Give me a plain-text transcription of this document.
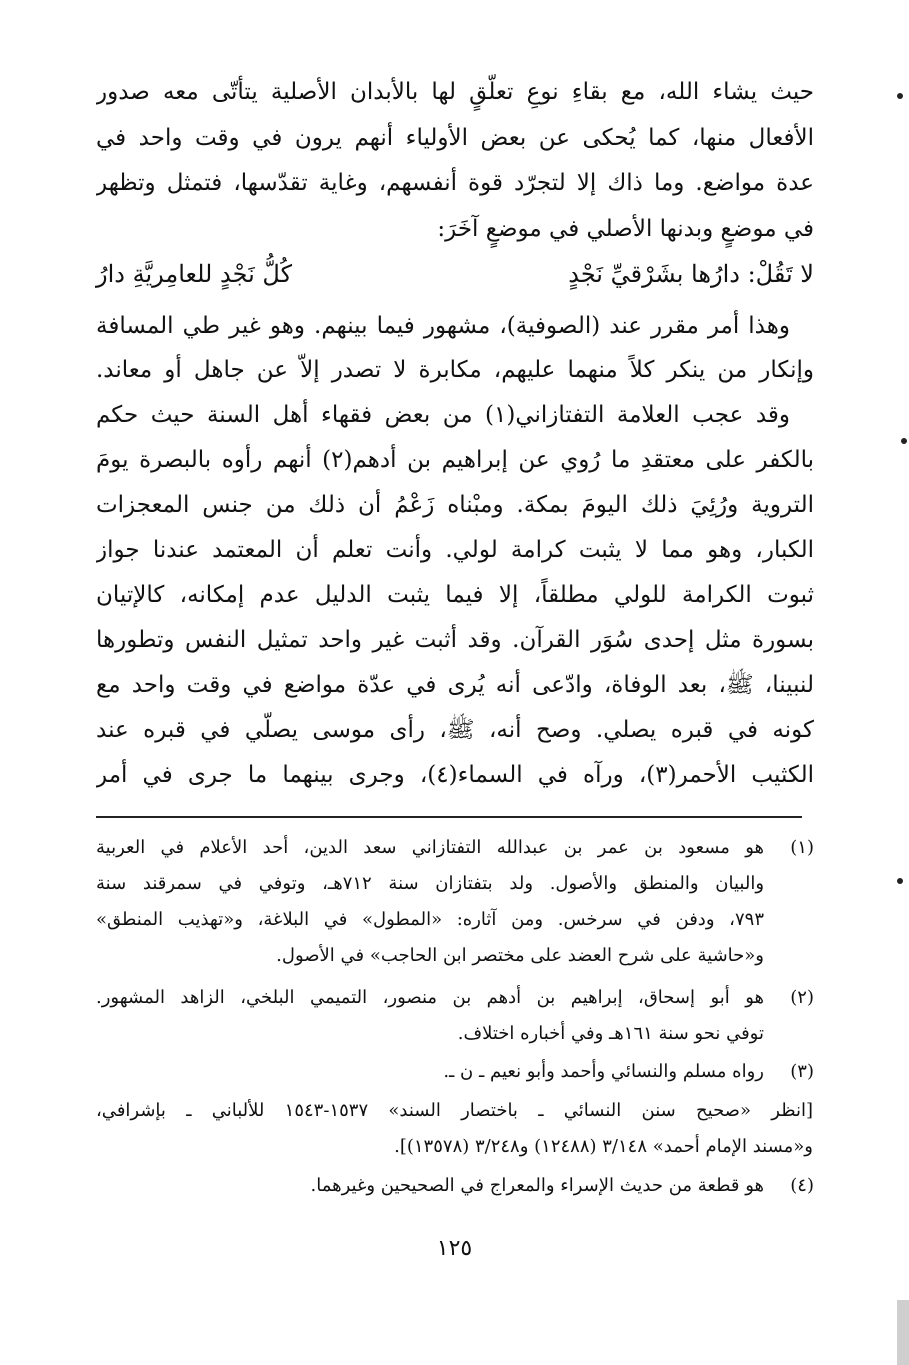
حيث يشاء الله، مع بقاءِ نوعِ تعلّقٍ لها بالأبدان الأصلية يتأتّى معه صدور
الأفعال منها، كما يُحكى عن بعض الأولياء أنهم يرون في وقت واحد في
عدة مواضع. وما ذاك إلا لتجرّد قوة أنفسهم، وغاية تقدّسها، فتمثل وتظهر
في موضعٍ وبدنها الأصلي في موضعٍ آخَرَ:
لا تَقُلْ: دارُها بشَرْقيِّ نَجْدٍ
كُلُّ نَجْدٍ للعامِريَّةِ دارُ
وهذا أمر مقرر عند (الصوفية)، مشهور فيما بينهم. وهو غير طي المسافة
وإنكار من ينكر كلاً منهما عليهم، مكابرة لا تصدر إلاّ عن جاهل أو معاند.
وقد عجب العلامة التفتازاني(١) من بعض فقهاء أهل السنة حيث حكم
بالكفر على معتقدِ ما رُوي عن إبراهيم بن أدهم(٢) أنهم رأوه بالبصرة يومَ
التروية ورُئِيَ ذلك اليومَ بمكة. ومبْناه زَعْمُ أن ذلك من جنس المعجزات
الكبار، وهو مما لا يثبت كرامة لولي. وأنت تعلم أن المعتمد عندنا جواز
ثبوت الكرامة للولي مطلقاً، إلا فيما يثبت الدليل عدم إمكانه، كالإتيان
بسورة مثل إحدى سُوَر القرآن. وقد أثبت غير واحد تمثيل النفس وتطورها
لنبينا، ﷺ، بعد الوفاة، وادّعى أنه يُرى في عدّة مواضع في وقت واحد مع
كونه في قبره يصلي. وصح أنه، ﷺ، رأى موسى يصلّي في قبره عند
الكثيب الأحمر(٣)، ورآه في السماء(٤)، وجرى بينهما ما جرى في أمر
(١)
هو مسعود بن عمر بن عبدالله التفتازاني سعد الدين، أحد الأعلام في العربية
والبيان والمنطق والأصول. ولد بتفتازان سنة ٧١٢هـ، وتوفي في سمرقند سنة
٧٩٣، ودفن في سرخس. ومن آثاره: «المطول» في البلاغة، و«تهذيب المنطق»
و«حاشية على شرح العضد على مختصر ابن الحاجب» في الأصول.
(٢)
هو أبو إسحاق، إبراهيم بن أدهم بن منصور، التميمي البلخي، الزاهد المشهور.
توفي نحو سنة ١٦١هـ وفي أخباره اختلاف.
(٣)
رواه مسلم والنسائي وأحمد وأبو نعيم ـ ن ـ.
[انظر «صحيح سنن النسائي ـ باختصار السند» ١٥٣٧-١٥٤٣ للألباني ـ بإشرافي،
و«مسند الإمام أحمد» ٣/١٤٨ (١٢٤٨٨) و٣/٢٤٨ (١٣٥٧٨)].
(٤)
هو قطعة من حديث الإسراء والمعراج في الصحيحين وغيرهما.
١٢٥
